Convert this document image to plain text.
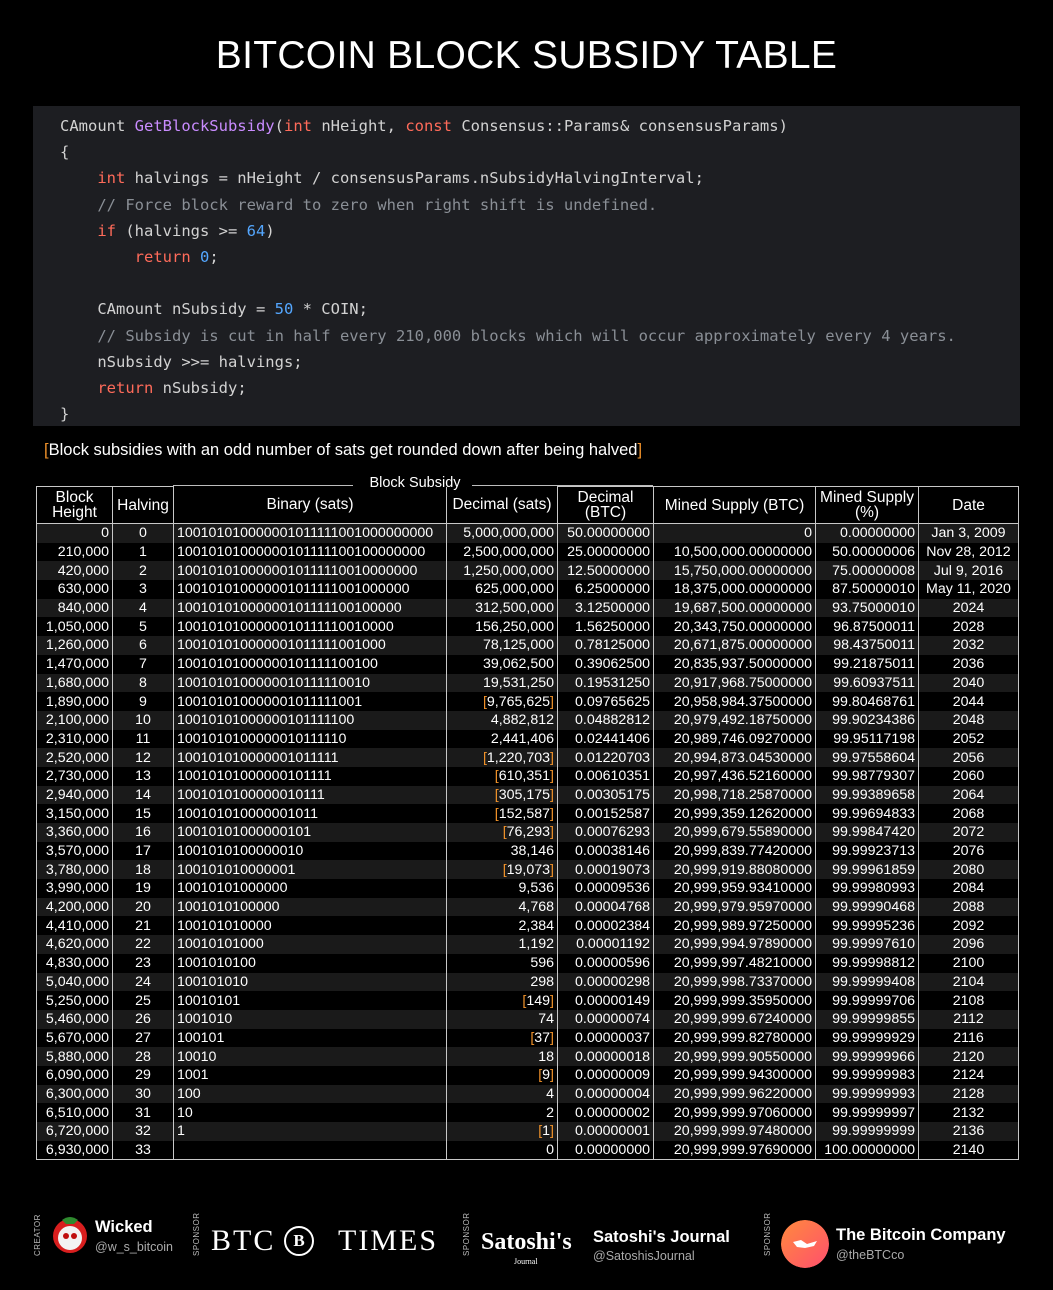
BITCOIN BLOCK SUBSIDY TABLE
CAmount GetBlockSubsidy(int nHeight, const Consensus::Params& consensusParams)
{
int halvings = nHeight / consensusParams.nSubsidyHalvingInterval;
// Force block reward to zero when right shift is undefined.
if (halvings >= 64)
return 0;
CAmount nSubsidy = 50 * COIN;
// Subsidy is cut in half every 210,000 blocks which will occur approximately every 4 years.
nSubsidy >>= halvings;
return nSubsidy;
}
[Block subsidies with an odd number of sats get rounded down after being halved]
Block Subsidy
Block Height	Halving	Binary (sats)	Decimal (sats)	Decimal (BTC)	Mined Supply (BTC)	Mined Supply (%)	Date
0	0	100101010000001011111001000000000	5,000,000,000	50.00000000	0	0.00000000	Jan 3, 2009
210,000	1	10010101000000101111100100000000	2,500,000,000	25.00000000	10,500,000.00000000	50.00000006	Nov 28, 2012
420,000	2	1001010100000010111110010000000	1,250,000,000	12.50000000	15,750,000.00000000	75.00000008	Jul 9, 2016
630,000	3	100101010000001011111001000000	625,000,000	6.25000000	18,375,000.00000000	87.50000010	May 11, 2020
840,000	4	10010101000000101111100100000	312,500,000	3.12500000	19,687,500.00000000	93.75000010	2024
1,050,000	5	1001010100000010111110010000	156,250,000	1.56250000	20,343,750.00000000	96.87500011	2028
1,260,000	6	100101010000001011111001000	78,125,000	0.78125000	20,671,875.00000000	98.43750011	2032
1,470,000	7	10010101000000101111100100	39,062,500	0.39062500	20,835,937.50000000	99.21875011	2036
1,680,000	8	1001010100000010111110010	19,531,250	0.19531250	20,917,968.75000000	99.60937511	2040
1,890,000	9	100101010000001011111001	[9,765,625]	0.09765625	20,958,984.37500000	99.80468761	2044
2,100,000	10	10010101000000101111100	4,882,812	0.04882812	20,979,492.18750000	99.90234386	2048
2,310,000	11	1001010100000010111110	2,441,406	0.02441406	20,989,746.09270000	99.95117198	2052
2,520,000	12	100101010000001011111	[1,220,703]	0.01220703	20,994,873.04530000	99.97558604	2056
2,730,000	13	10010101000000101111	[610,351]	0.00610351	20,997,436.52160000	99.98779307	2060
2,940,000	14	1001010100000010111	[305,175]	0.00305175	20,998,718.25870000	99.99389658	2064
3,150,000	15	100101010000001011	[152,587]	0.00152587	20,999,359.12620000	99.99694833	2068
3,360,000	16	10010101000000101	[76,293]	0.00076293	20,999,679.55890000	99.99847420	2072
3,570,000	17	1001010100000010	38,146	0.00038146	20,999,839.77420000	99.99923713	2076
3,780,000	18	100101010000001	[19,073]	0.00019073	20,999,919.88080000	99.99961859	2080
3,990,000	19	10010101000000	9,536	0.00009536	20,999,959.93410000	99.99980993	2084
4,200,000	20	1001010100000	4,768	0.00004768	20,999,979.95970000	99.99990468	2088
4,410,000	21	100101010000	2,384	0.00002384	20,999,989.97250000	99.99995236	2092
4,620,000	22	10010101000	1,192	0.00001192	20,999,994.97890000	99.99997610	2096
4,830,000	23	1001010100	596	0.00000596	20,999,997.48210000	99.99998812	2100
5,040,000	24	100101010	298	0.00000298	20,999,998.73370000	99.99999408	2104
5,250,000	25	10010101	[149]	0.00000149	20,999,999.35950000	99.99999706	2108
5,460,000	26	1001010	74	0.00000074	20,999,999.67240000	99.99999855	2112
5,670,000	27	100101	[37]	0.00000037	20,999,999.82780000	99.99999929	2116
5,880,000	28	10010	18	0.00000018	20,999,999.90550000	99.99999966	2120
6,090,000	29	1001	[9]	0.00000009	20,999,999.94300000	99.99999983	2124
6,300,000	30	100	4	0.00000004	20,999,999.96220000	99.99999993	2128
6,510,000	31	10	2	0.00000002	20,999,999.97060000	99.99999997	2132
6,720,000	32	1	[1]	0.00000001	20,999,999.97480000	99.99999999	2136
6,930,000	33		0	0.00000000	20,999,999.97690000	100.00000000	2140
CREATOR	Wicked
@w_s_bitcoin SPONSOR BTC	B	TIMES	SPONSOR Satoshi's
Journal
Satoshi's Journal
@SatoshisJournal	SPONSOR	The Bitcoin Company
@theBTCco
